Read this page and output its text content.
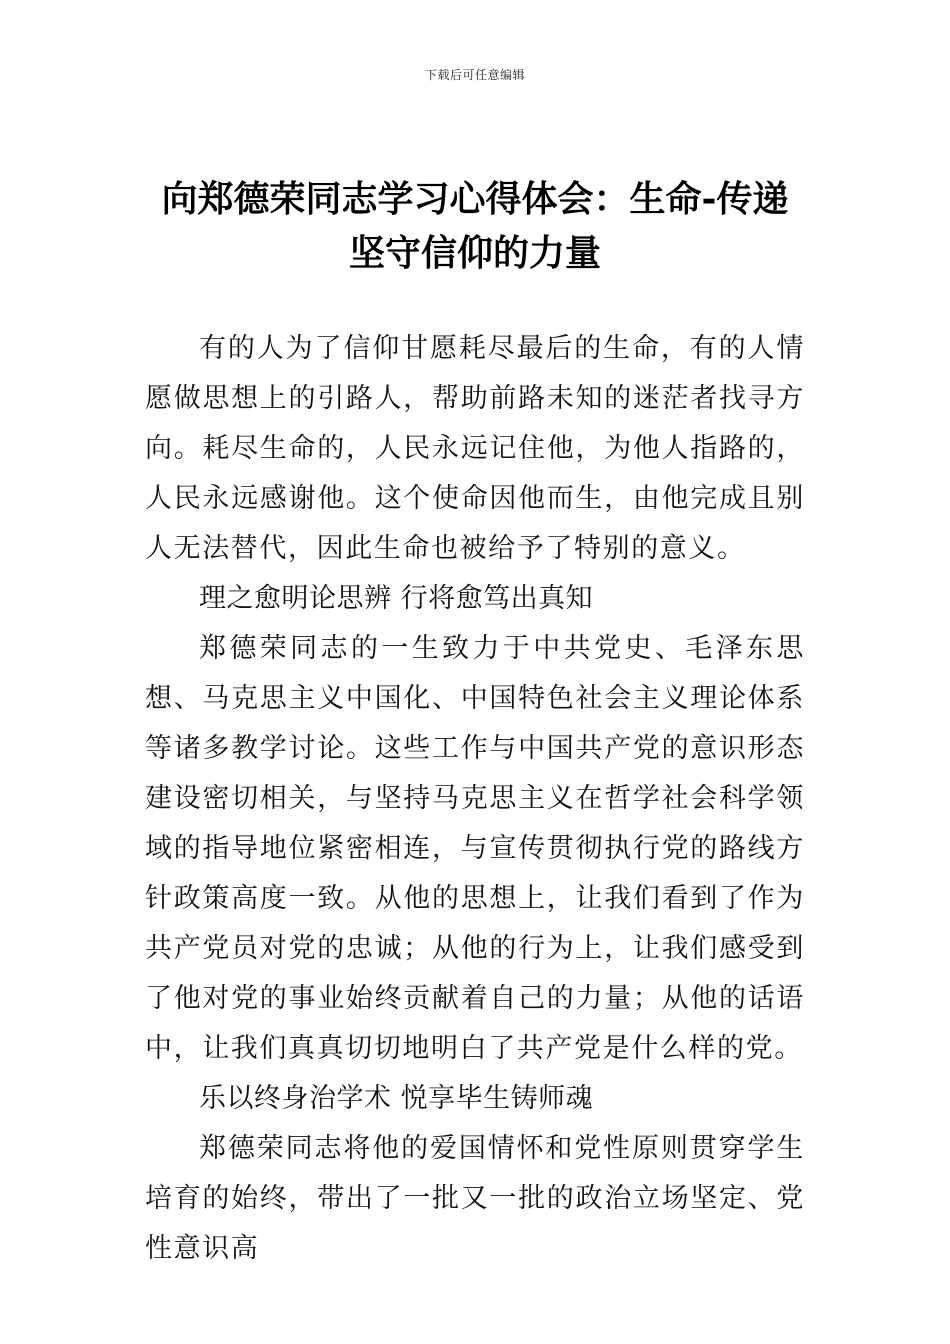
下载后可任意编辑
向郑德荣同志学习心得体会：生命-传递坚守信仰的力量

有的人为了信仰甘愿耗尽最后的生命，有的人情愿做思想上的引路人，帮助前路未知的迷茫者找寻方向。耗尽生命的，人民永远记住他，为他人指路的，人民永远感谢他。这个使命因他而生，由他完成且别人无法替代，因此生命也被给予了特别的意义。

理之愈明论思辨 行将愈笃出真知

郑德荣同志的一生致力于中共党史、毛泽东思想、马克思主义中国化、中国特色社会主义理论体系等诸多教学讨论。这些工作与中国共产党的意识形态建设密切相关，与坚持马克思主义在哲学社会科学领域的指导地位紧密相连，与宣传贯彻执行党的路线方针政策高度一致。从他的思想上，让我们看到了作为共产党员对党的忠诚；从他的行为上，让我们感受到了他对党的事业始终贡献着自己的力量；从他的话语中，让我们真真切切地明白了共产党是什么样的党。

乐以终身治学术 悦享毕生铸师魂

郑德荣同志将他的爱国情怀和党性原则贯穿学生培育的始终，带出了一批又一批的政治立场坚定、党性意识高
